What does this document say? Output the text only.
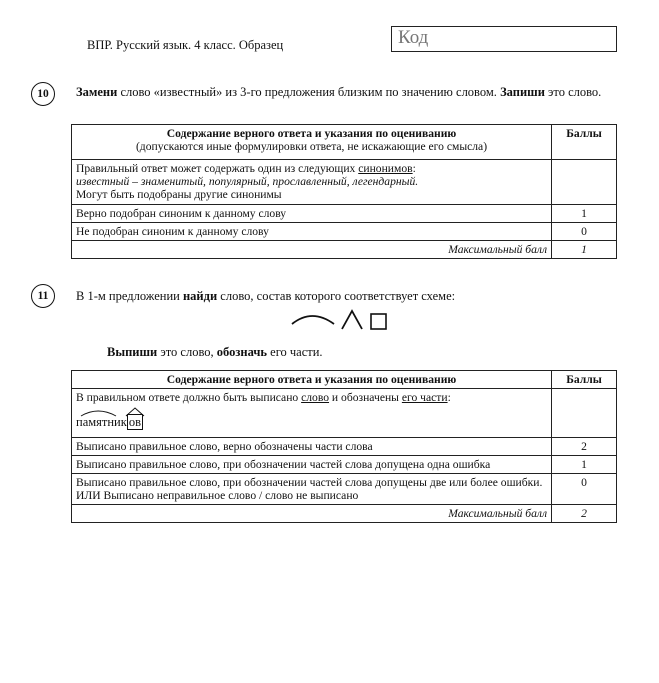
ВПР. Русский язык. 4 класс. Образец	Код
10	Замени слово «известный» из 3-го предложения близким по значению словом. Запиши это слово.
Содержание верного ответа и указания по оцениванию
(допускаются иные формулировки ответа, не искажающие его смысла)	Баллы

Правильный ответ может содержать один из следующих синонимов:
известный – знаменитый, популярный, прославленный, легендарный.
Могут быть подобраны другие синонимы	

Верно подобран синоним к данному слову	1
Не подобран синоним к данному слову	0
Максимальный балл	1
11	В 1-м предложении найди слово, состав которого соответствует схеме:
Выпиши это слово, обозначь его части.
Содержание верного ответа и указания по оцениванию	Баллы

В правильном ответе должно быть выписано слово и обозначены его части:
памятник ов	

Выписано правильное слово, верно обозначены части слова	2
Выписано правильное слово, при обозначении частей слова допущена одна ошибка	1

Выписано правильное слово, при обозначении частей слова допущены две или более ошибки.
ИЛИ Выписано неправильное слово / слово не выписано	0
Максимальный балл	2
